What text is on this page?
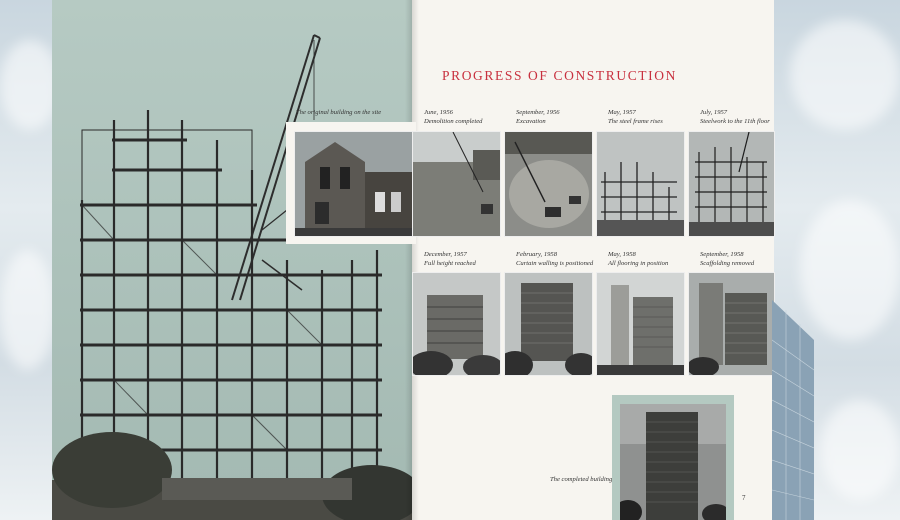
PROGRESS OF CONSTRUCTION
The original building on the site	June, 1956
Demolition completed
September, 1956
Excavation
May, 1957
The steel frame rises
July, 1957
Steelwork to the 11th floor
December, 1957
Full height reached
February, 1958
Curtain walling is positioned
May, 1958
All flooring in position
September, 1958
Scaffolding removed
The completed building
7
